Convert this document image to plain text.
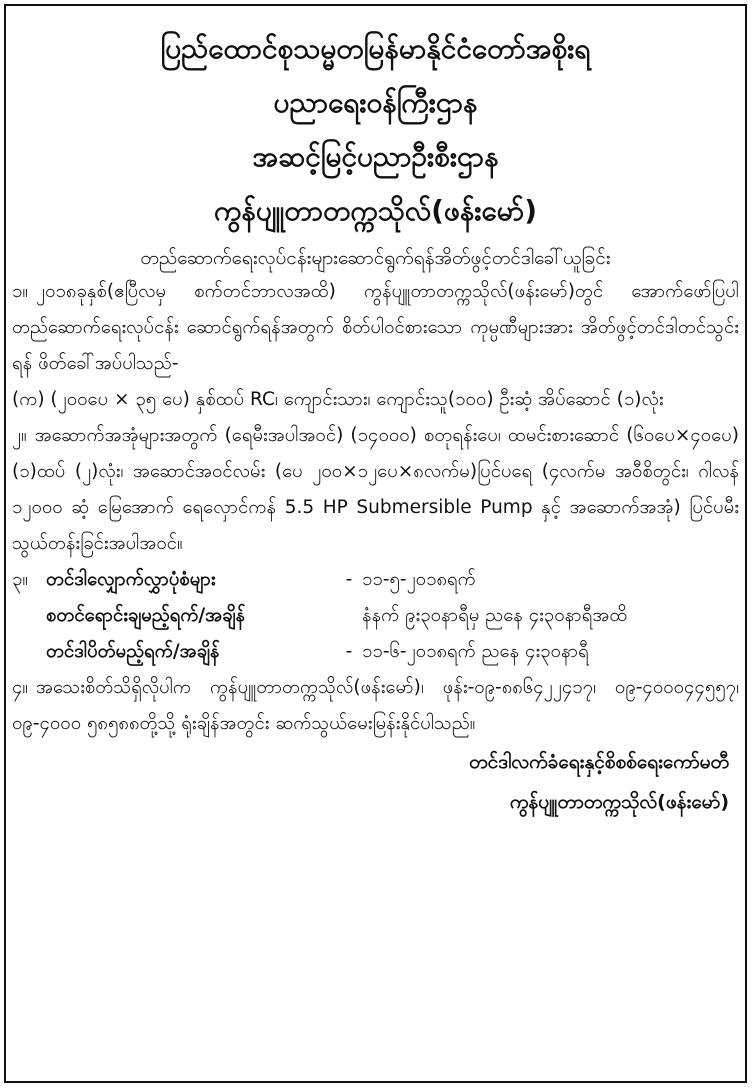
ပြည်ထောင်စုသမ္မတမြန်မာနိုင်ငံတော်အစိုးရ
ပညာရေးဝန်ကြီးဌာန
အဆင့်မြင့်ပညာဦးစီးဌာန
ကွန်ပျူတာတက္ကသိုလ်(ဖန်းမော်)
တည်ဆောက်ရေးလုပ်ငန်းများဆောင်ရွက်ရန်အိတ်ဖွင့်တင်ဒါခေါ်ယူခြင်း
၁။ ၂၀၁၈ခုနှစ်(ဧပြီလမှ စက်တင်ဘာလအထိ) ကွန်ပျူတာတက္ကသိုလ်(ဖန်းမော်)တွင် အောက်ဖော်ပြပါ တည်ဆောက်ရေးလုပ်ငန်း ဆောင်ရွက်ရန်အတွက် စိတ်ပါဝင်စားသော ကုမ္ပဏီများအား အိတ်ဖွင့်တင်ဒါတင်သွင်းရန် ဖိတ်ခေါ်အပ်ပါသည်-
(က) (၂၀၀ပေ × ၃၅ ပေ) နှစ်ထပ် RC၊ ကျောင်းသား၊ ကျောင်းသူ(၁၀၀) ဦးဆံ့ အိပ်ဆောင် (၁)လုံး
၂။ အဆောက်အအုံများအတွက် (ရေမီးအပါအဝင်) (၁၄၀၀၀) စတုရန်းပေ၊ ထမင်းစားဆောင် (၆၀ပေ×၄၀ပေ) (၁)ထပ် (၂)လုံး၊ အဆောင်အဝင်လမ်း (ပေ ၂၀၀×၁၂ပေ×၈လက်မ)ပြင်ပရေ (၄လက်မ အဝီစိတွင်း၊ ဂါလန် ၁၂၀၀၀ ဆံ့ မြေအောက် ရေလှောင်ကန် 5.5 HP Submersible Pump နှင့် အဆောက်အအုံ) ပြင်ပမီးသွယ်တန်းခြင်းအပါအဝင်။
၃။ တင်ဒါလျှောက်လွှာပုံစံများ	- ၁၁-၅-၂၀၁၈ရက်
စတင်ရောင်းချမည့်ရက်/အချိန်	နံနက် ၉း၃၀နာရီမှ ညနေ ၄း၃၀နာရီအထိ
တင်ဒါပိတ်မည့်ရက်/အချိန်	- ၁၁-၆-၂၀၁၈ရက် ညနေ ၄း၃၀နာရီ
၄။ အသေးစိတ်သိရှိလိုပါက ကွန်ပျူတာတက္ကသိုလ်(ဖန်းမော်)၊ ဖုန်း-၀၉-၈၈၆၄၂၂၄၁၇၊ ၀၉-၄၀၀၀၄၄၅၅၇၊ ၀၉-၄၀၀၀ ၅၈၅၈၈တို့သို့ ရုံးချိန်အတွင်း ဆက်သွယ်မေးမြန်းနိုင်ပါသည်။
တင်ဒါလက်ခံရေးနှင့်စိစစ်ရေးကော်မတီ
ကွန်ပျူတာတက္ကသိုလ်(ဖန်းမော်)
